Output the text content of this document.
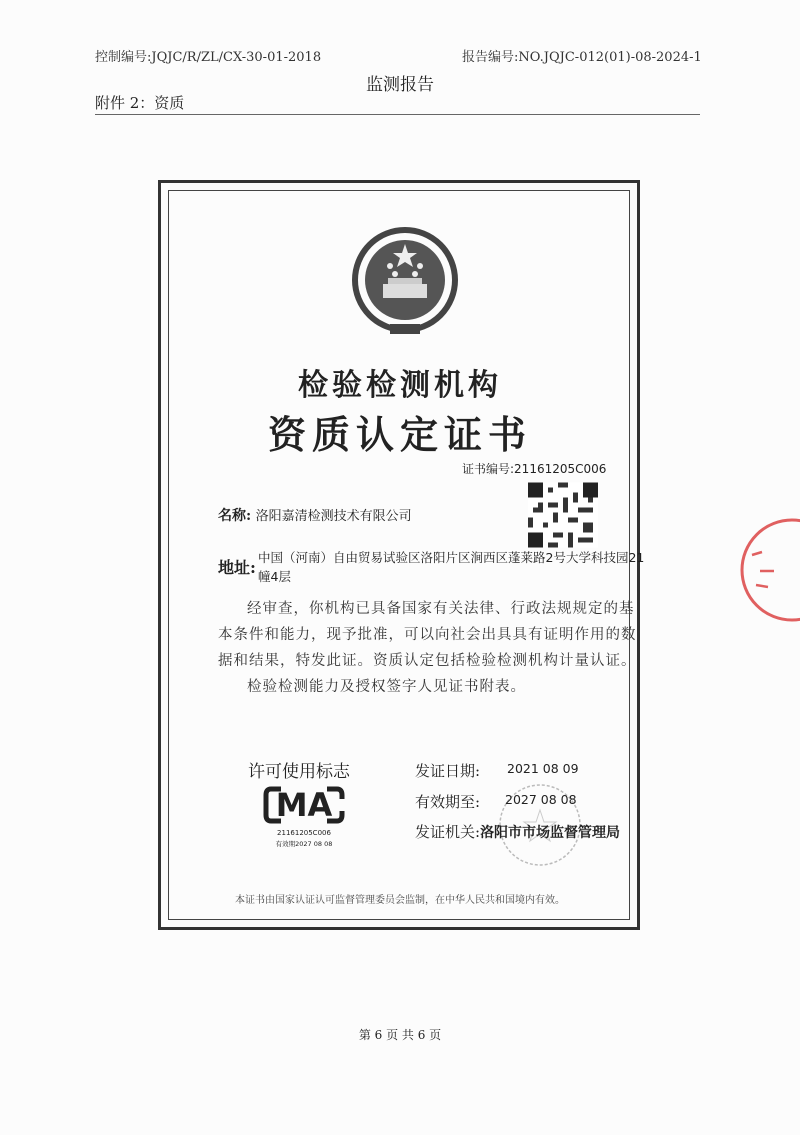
控制编号:JQJC/R/ZL/CX-30-01-2018	报告编号:NO.JQJC-012(01)-08-2024-1
监测报告
附件 2：资质
检验检测机构
资质认定证书
证书编号:21161205C006
名称: 洛阳嘉清检测技术有限公司
地址:
中国（河南）自由贸易试验区洛阳片区涧西区蓬莱路2号大学科技园21
幢4层
经审查，你机构已具备国家有关法律、行政法规规定的基
本条件和能力，现予批准，可以向社会出具具有证明作用的数
据和结果，特发此证。资质认定包括检验检测机构计量认证。
检验检测能力及授权签字人见证书附表。
许可使用标志
MA
21161205C006
有效期2027 08 08
发证日期: 2021 08 09
有效期至: 2027 08 08
发证机关:洛阳市市场监督管理局
本证书由国家认证认可监督管理委员会监制，在中华人民共和国境内有效。
第 6 页 共 6 页
